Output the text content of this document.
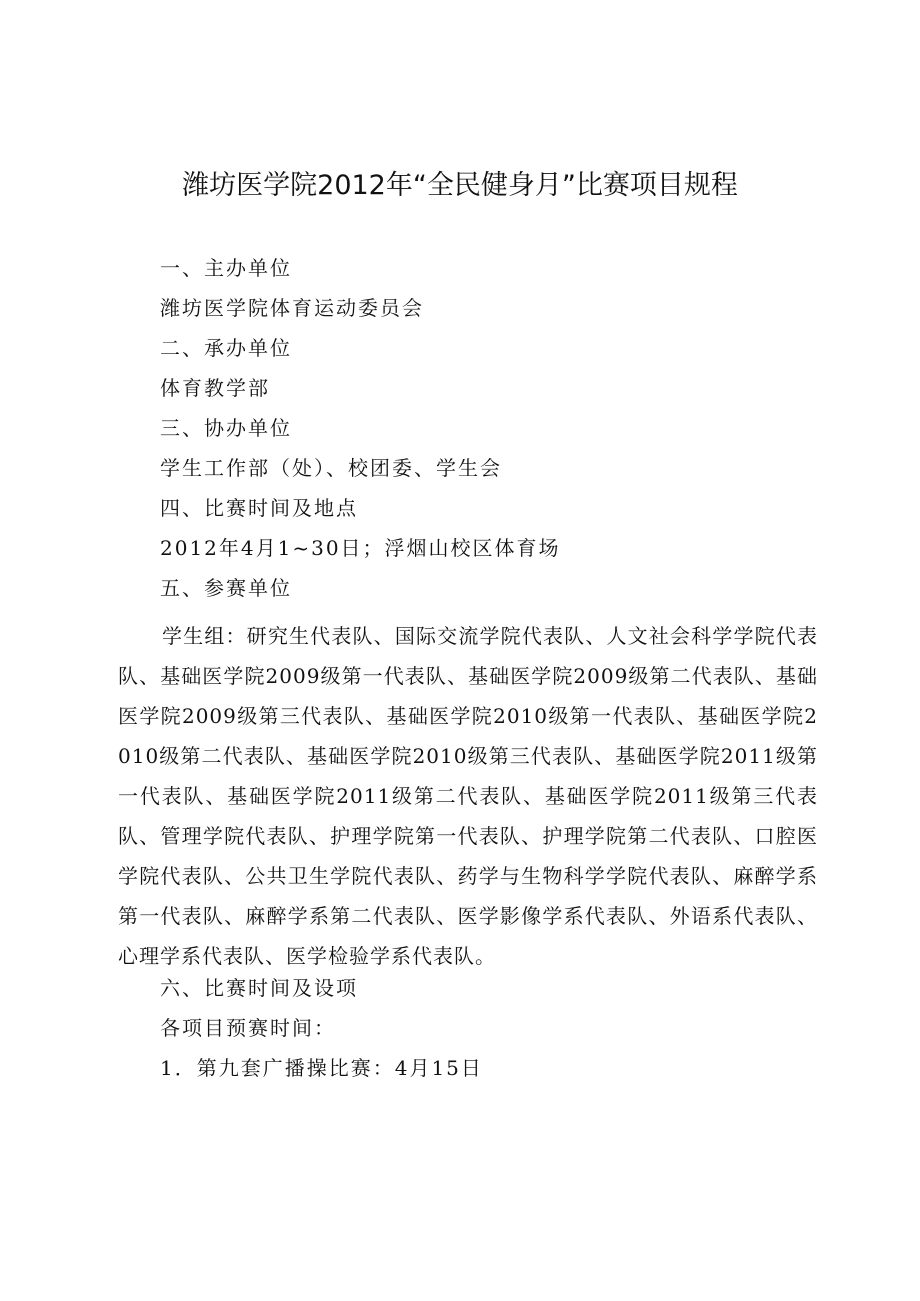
潍坊医学院2012年“全民健身月”比赛项目规程
一、主办单位
潍坊医学院体育运动委员会
二、承办单位
体育教学部
三、协办单位
学生工作部（处）、校团委、学生会
四、比赛时间及地点
2012年4月1~30日；浮烟山校区体育场
五、参赛单位
学生组：研究生代表队、国际交流学院代表队、人文社会科学学院代表队、基础医学院2009级第一代表队、基础医学院2009级第二代表队、基础医学院2009级第三代表队、基础医学院2010级第一代表队、基础医学院2010级第二代表队、基础医学院2010级第三代表队、基础医学院2011级第一代表队、基础医学院2011级第二代表队、基础医学院2011级第三代表队、管理学院代表队、护理学院第一代表队、护理学院第二代表队、口腔医学院代表队、公共卫生学院代表队、药学与生物科学学院代表队、麻醉学系第一代表队、麻醉学系第二代表队、医学影像学系代表队、外语系代表队、心理学系代表队、医学检验学系代表队。
六、比赛时间及设项
各项目预赛时间：
1．第九套广播操比赛：4月15日
